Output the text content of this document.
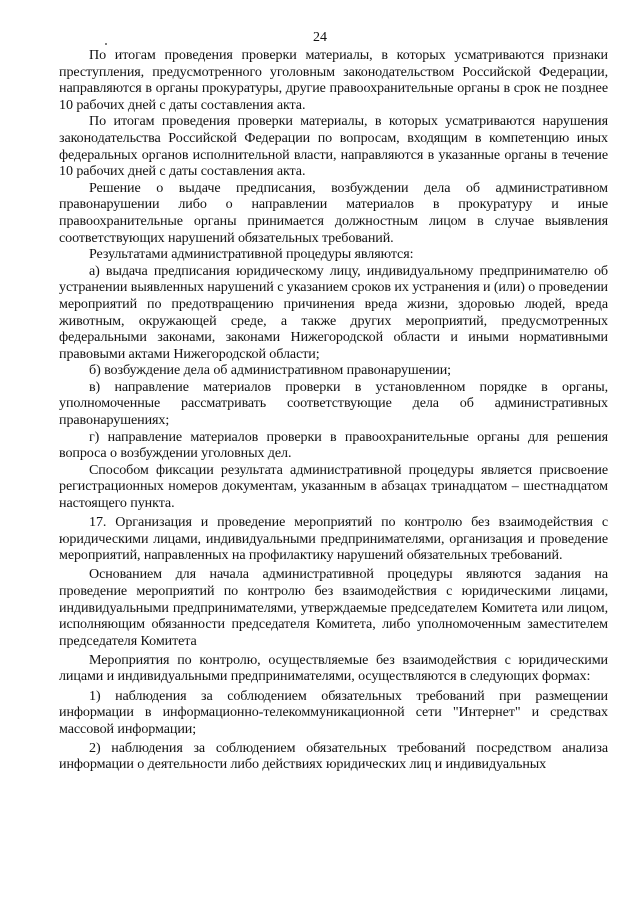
24

По итогам проведения проверки материалы, в которых усматриваются признаки преступления, предусмотренного уголовным законодательством Российской Федерации, направляются в органы прокуратуры, другие правоохранительные органы в срок не позднее 10 рабочих дней с даты составления акта.

По итогам проведения проверки материалы, в которых усматриваются нарушения законодательства Российской Федерации по вопросам, входящим в компетенцию иных федеральных органов исполнительной власти, направляются в указанные органы в течение 10 рабочих дней с даты составления акта.

Решение о выдаче предписания, возбуждении дела об административном правонарушении либо о направлении материалов в прокуратуру и иные правоохранительные органы принимается должностным лицом в случае выявления соответствующих нарушений обязательных требований.

Результатами административной процедуры являются:

а) выдача предписания юридическому лицу, индивидуальному предпринимателю об устранении выявленных нарушений с указанием сроков их устранения и (или) о проведении мероприятий по предотвращению причинения вреда жизни, здоровью людей, вреда животным, окружающей среде, а также других мероприятий, предусмотренных федеральными законами, законами Нижегородской области и иными нормативными правовыми актами Нижегородской области;

б) возбуждение дела об административном правонарушении;

в) направление материалов проверки в установленном порядке в органы, уполномоченные рассматривать соответствующие дела об административных правонарушениях;

г) направление материалов проверки в правоохранительные органы для решения вопроса о возбуждении уголовных дел.

Способом фиксации результата административной процедуры является присвоение регистрационных номеров документам, указанным в абзацах тринадцатом – шестнадцатом настоящего пункта.

17. Организация и проведение мероприятий по контролю без взаимодействия с юридическими лицами, индивидуальными предпринимателями, организация и проведение мероприятий, направленных на профилактику нарушений обязательных требований.

Основанием для начала административной процедуры являются задания на проведение мероприятий по контролю без взаимодействия с юридическими лицами, индивидуальными предпринимателями, утверждаемые председателем Комитета или лицом, исполняющим обязанности председателя Комитета, либо уполномоченным заместителем председателя Комитета

Мероприятия по контролю, осуществляемые без взаимодействия с юридическими лицами и индивидуальными предпринимателями, осуществляются в следующих формах:

1) наблюдения за соблюдением обязательных требований при размещении информации в информационно-телекоммуникационной сети "Интернет" и средствах массовой информации;

2) наблюдения за соблюдением обязательных требований посредством анализа информации о деятельности либо действиях юридических лиц и индивидуальных
